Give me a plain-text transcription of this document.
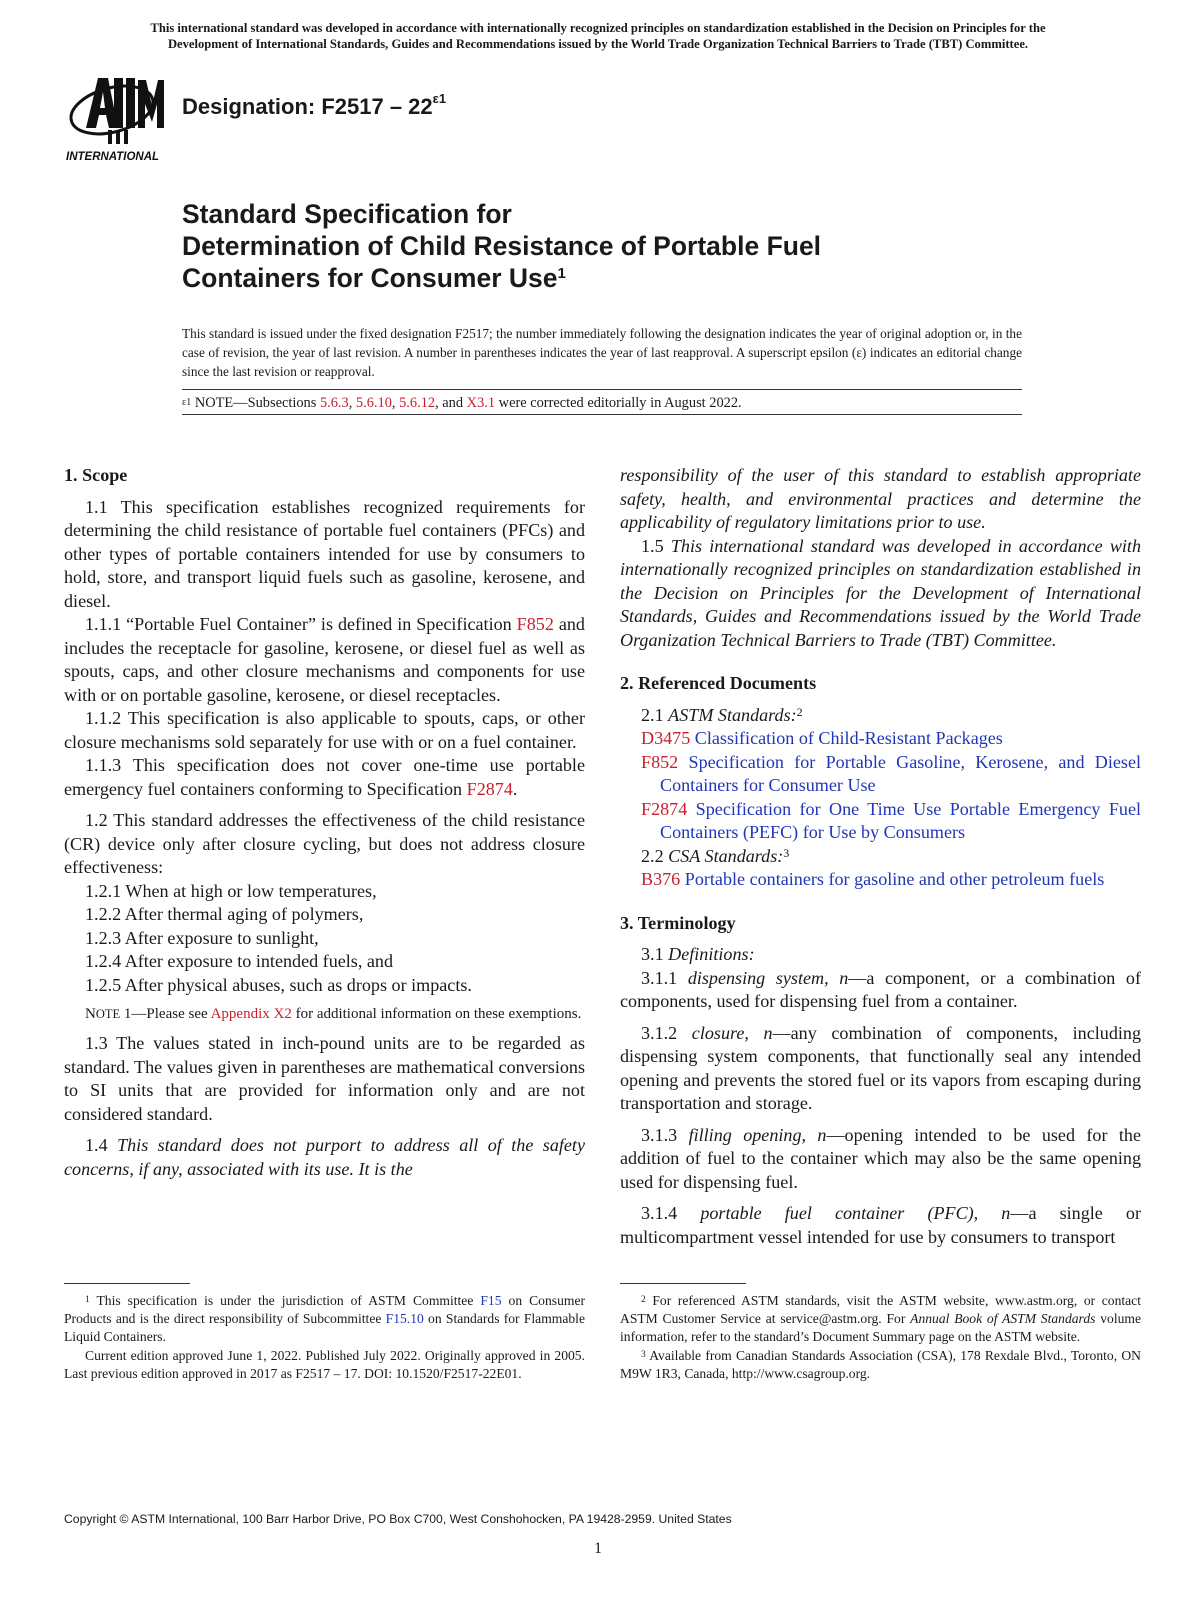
This international standard was developed in accordance with internationally recognized principles on standardization established in the Decision on Principles for the
Development of International Standards, Guides and Recommendations issued by the World Trade Organization Technical Barriers to Trade (TBT) Committee.
INTERNATIONAL
Designation: $F2517 - 22^{\varepsilon 1}$
Standard Specification for
Determination of Child Resistance of Portable Fuel
Containers for Consumer Use$^1$
This standard is issued under the fixed designation F2517; the number immediately following the designation indicates the year of original adoption or, in the case of revision, the year of last revision. A number in parentheses indicates the year of last reapproval. A superscript epsilon (ε) indicates an editorial change since the last revision or reapproval.
$^{\varepsilon 1}$ NOTE—Subsections 5.6.3, 5.6.10, 5.6.12, and X3.1 were corrected editorially in August 2022.

1. Scope

1.1 This specification establishes recognized requirements for determining the child resistance of portable fuel containers (PFCs) and other types of portable containers intended for use by consumers to hold, store, and transport liquid fuels such as gasoline, kerosene, and diesel.

1.1.1 “Portable Fuel Container” is defined in Specification F852 and includes the receptacle for gasoline, kerosene, or diesel fuel as well as spouts, caps, and other closure mechanisms and components for use with or on portable gasoline, kerosene, or diesel receptacles.

1.1.2 This specification is also applicable to spouts, caps, or other closure mechanisms sold separately for use with or on a fuel container.

1.1.3 This specification does not cover one-time use portable emergency fuel containers conforming to Specification F2874.

1.2 This standard addresses the effectiveness of the child resistance (CR) device only after closure cycling, but does not address closure effectiveness:

1.2.1 When at high or low temperatures,

1.2.2 After thermal aging of polymers,

1.2.3 After exposure to sunlight,

1.2.4 After exposure to intended fuels, and

1.2.5 After physical abuses, such as drops or impacts.

NOTE 1—Please see Appendix X2 for additional information on these exemptions.

1.3 The values stated in inch-pound units are to be regarded as standard. The values given in parentheses are mathematical conversions to SI units that are provided for information only and are not considered standard.

1.4 This standard does not purport to address all of the safety concerns, if any, associated with its use. It is the

responsibility of the user of this standard to establish appropriate safety, health, and environmental practices and determine the applicability of regulatory limitations prior to use.

1.5 This international standard was developed in accordance with internationally recognized principles on standardization established in the Decision on Principles for the Development of International Standards, Guides and Recommendations issued by the World Trade Organization Technical Barriers to Trade (TBT) Committee.

2. Referenced Documents

2.1 ASTM Standards:$^2$

D3475 Classification of Child-Resistant Packages

F852 Specification for Portable Gasoline, Kerosene, and Diesel Containers for Consumer Use

F2874 Specification for One Time Use Portable Emergency Fuel Containers (PEFC) for Use by Consumers

2.2 CSA Standards:$^3$

B376 Portable containers for gasoline and other petroleum fuels

3. Terminology

3.1 Definitions:

3.1.1 dispensing system, n—a component, or a combination of components, used for dispensing fuel from a container.

3.1.2 closure, n—any combination of components, including dispensing system components, that functionally seal any intended opening and prevents the stored fuel or its vapors from escaping during transportation and storage.

3.1.3 filling opening, n—opening intended to be used for the addition of fuel to the container which may also be the same opening used for dispensing fuel.

3.1.4 portable fuel container (PFC), n—a single or multicompartment vessel intended for use by consumers to transport

$^1$ This specification is under the jurisdiction of ASTM Committee F15 on Consumer Products and is the direct responsibility of Subcommittee F15.10 on Standards for Flammable Liquid Containers.

Current edition approved June 1, 2022. Published July 2022. Originally approved in 2005. Last previous edition approved in 2017 as F2517 – 17. DOI: 10.1520/F2517-22E01.

$^2$ For referenced ASTM standards, visit the ASTM website, www.astm.org, or contact ASTM Customer Service at service@astm.org. For Annual Book of ASTM Standards volume information, refer to the standard’s Document Summary page on the ASTM website.

$^3$ Available from Canadian Standards Association (CSA), 178 Rexdale Blvd., Toronto, ON M9W 1R3, Canada, http://www.csagroup.org.

Copyright © ASTM International, 100 Barr Harbor Drive, PO Box C700, West Conshohocken, PA 19428-2959. United States
1
